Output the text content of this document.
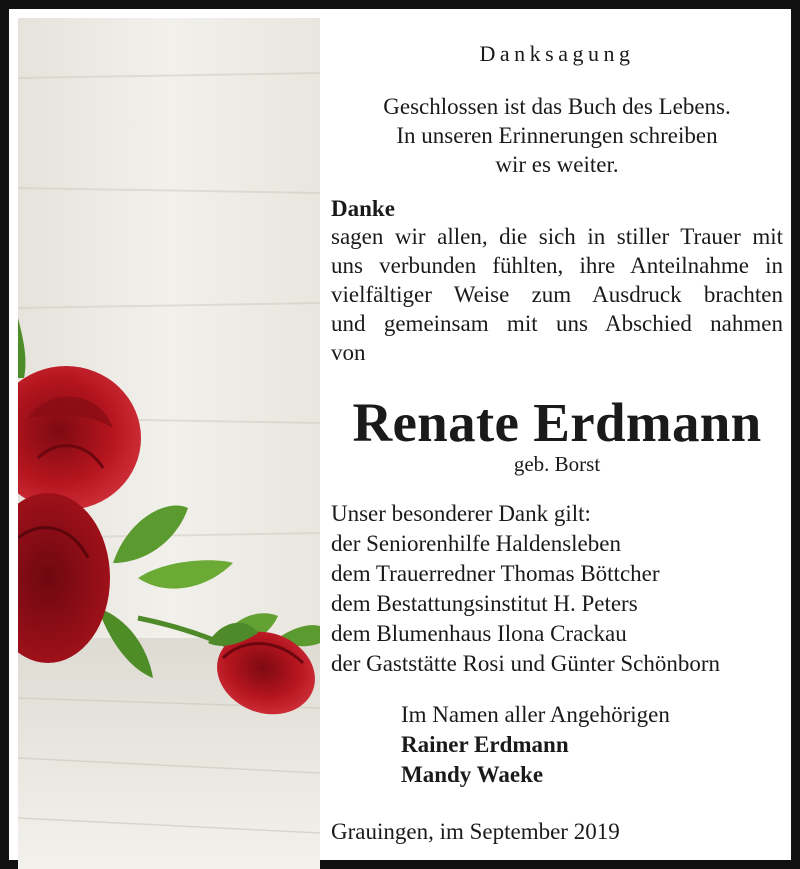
Danksagung
Geschlossen ist das Buch des Lebens.
In unseren Erinnerungen schreiben
wir es weiter.
Danke
sagen wir allen, die sich in stiller Trauer mit
uns verbunden fühlten, ihre Anteilnahme in
vielfältiger Weise zum Ausdruck brachten
und gemeinsam mit uns Abschied nahmen
von
Renate Erdmann
geb. Borst
Unser besonderer Dank gilt:
der Seniorenhilfe Haldensleben
dem Trauerredner Thomas Böttcher
dem Bestattungsinstitut H. Peters
dem Blumenhaus Ilona Crackau
der Gaststätte Rosi und Günter Schönborn
Im Namen aller Angehörigen
Rainer Erdmann
Mandy Waeke
Grauingen, im September 2019
